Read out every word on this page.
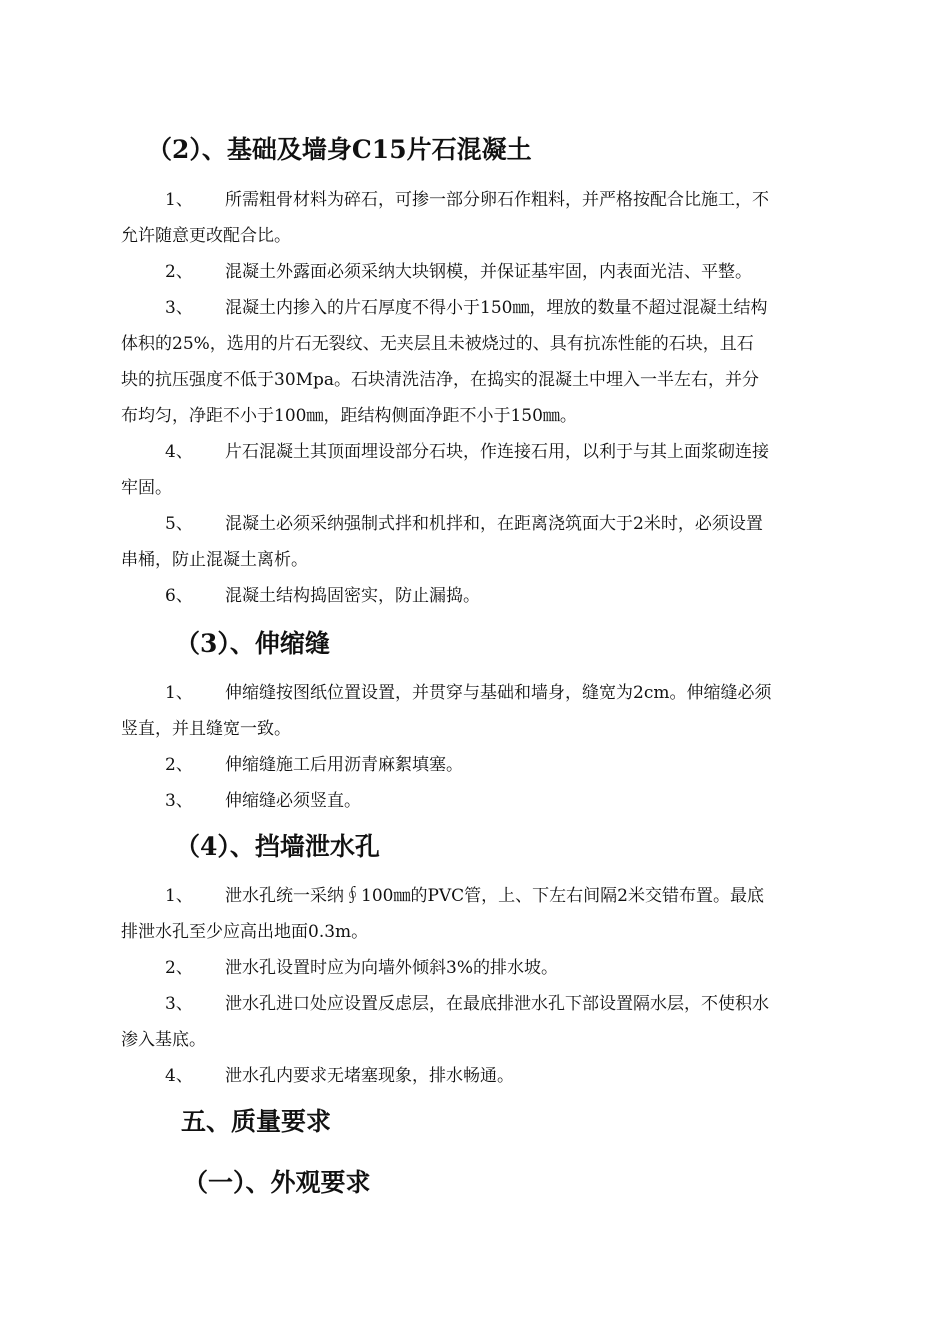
（2）、基础及墙身C15片石混凝土
1、	所需粗骨材料为碎石，可掺一部分卵石作粗料，并严格按配合比施工，不
允许随意更改配合比。
2、	混凝土外露面必须采纳大块钢模，并保证基牢固，内表面光洁、平整。
3、	混凝土内掺入的片石厚度不得小于150㎜，埋放的数量不超过混凝土结构
体积的25%，选用的片石无裂纹、无夹层且未被烧过的、具有抗冻性能的石块，且石
块的抗压强度不低于30Mpa。石块清洗洁净，在捣实的混凝土中埋入一半左右，并分
布均匀，净距不小于100㎜，距结构侧面净距不小于150㎜。
4、	片石混凝土其顶面埋设部分石块，作连接石用，以利于与其上面浆砌连接
牢固。
5、	混凝土必须采纳强制式拌和机拌和，在距离浇筑面大于2米时，必须设置
串桶，防止混凝土离析。
6、	混凝土结构捣固密实，防止漏捣。
（3）、伸缩缝
1、	伸缩缝按图纸位置设置，并贯穿与基础和墙身，缝宽为2cm。伸缩缝必须
竖直，并且缝宽一致。
2、	伸缩缝施工后用沥青麻絮填塞。
3、	伸缩缝必须竖直。
（4）、挡墙泄水孔
1、	泄水孔统一采纳∮100㎜的PVC管，上、下左右间隔2米交错布置。最底
排泄水孔至少应高出地面0.3m。
2、	泄水孔设置时应为向墙外倾斜3%的排水坡。
3、	泄水孔进口处应设置反虑层，在最底排泄水孔下部设置隔水层，不使积水
渗入基底。
4、	泄水孔内要求无堵塞现象，排水畅通。
五、质量要求
（一）、外观要求
